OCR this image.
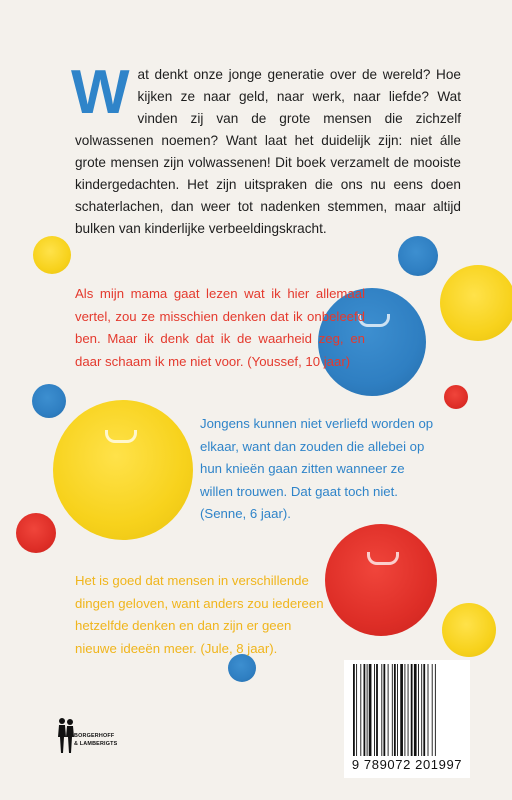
Wat denkt onze jonge generatie over de wereld? Hoe kijken ze naar geld, naar werk, naar liefde? Wat vinden zij van de grote mensen die zichzelf volwassenen noemen? Want laat het duidelijk zijn: niet álle grote mensen zijn volwassenen! Dit boek verzamelt de mooiste kindergedachten. Het zijn uitspraken die ons nu eens doen schaterlachen, dan weer tot nadenken stemmen, maar altijd bulken van kinderlijke verbeeldingskracht.
Als mijn mama gaat lezen wat ik hier allemaal vertel, zou ze misschien denken dat ik onbeleefd ben. Maar ik denk dat ik de waarheid zeg, en daar schaam ik me niet voor. (Youssef, 10 jaar)
Jongens kunnen niet verliefd worden op elkaar, want dan zouden die allebei op hun knieën gaan zitten wanneer ze willen trouwen. Dat gaat toch niet. (Senne, 6 jaar).
Het is goed dat mensen in verschillende dingen geloven, want anders zou iedereen hetzelfde denken en dan zijn er geen nieuwe ideeën meer. (Jule, 8 jaar).
BORGERHOFF
& LAMBERIGTS
9 789072 201997
